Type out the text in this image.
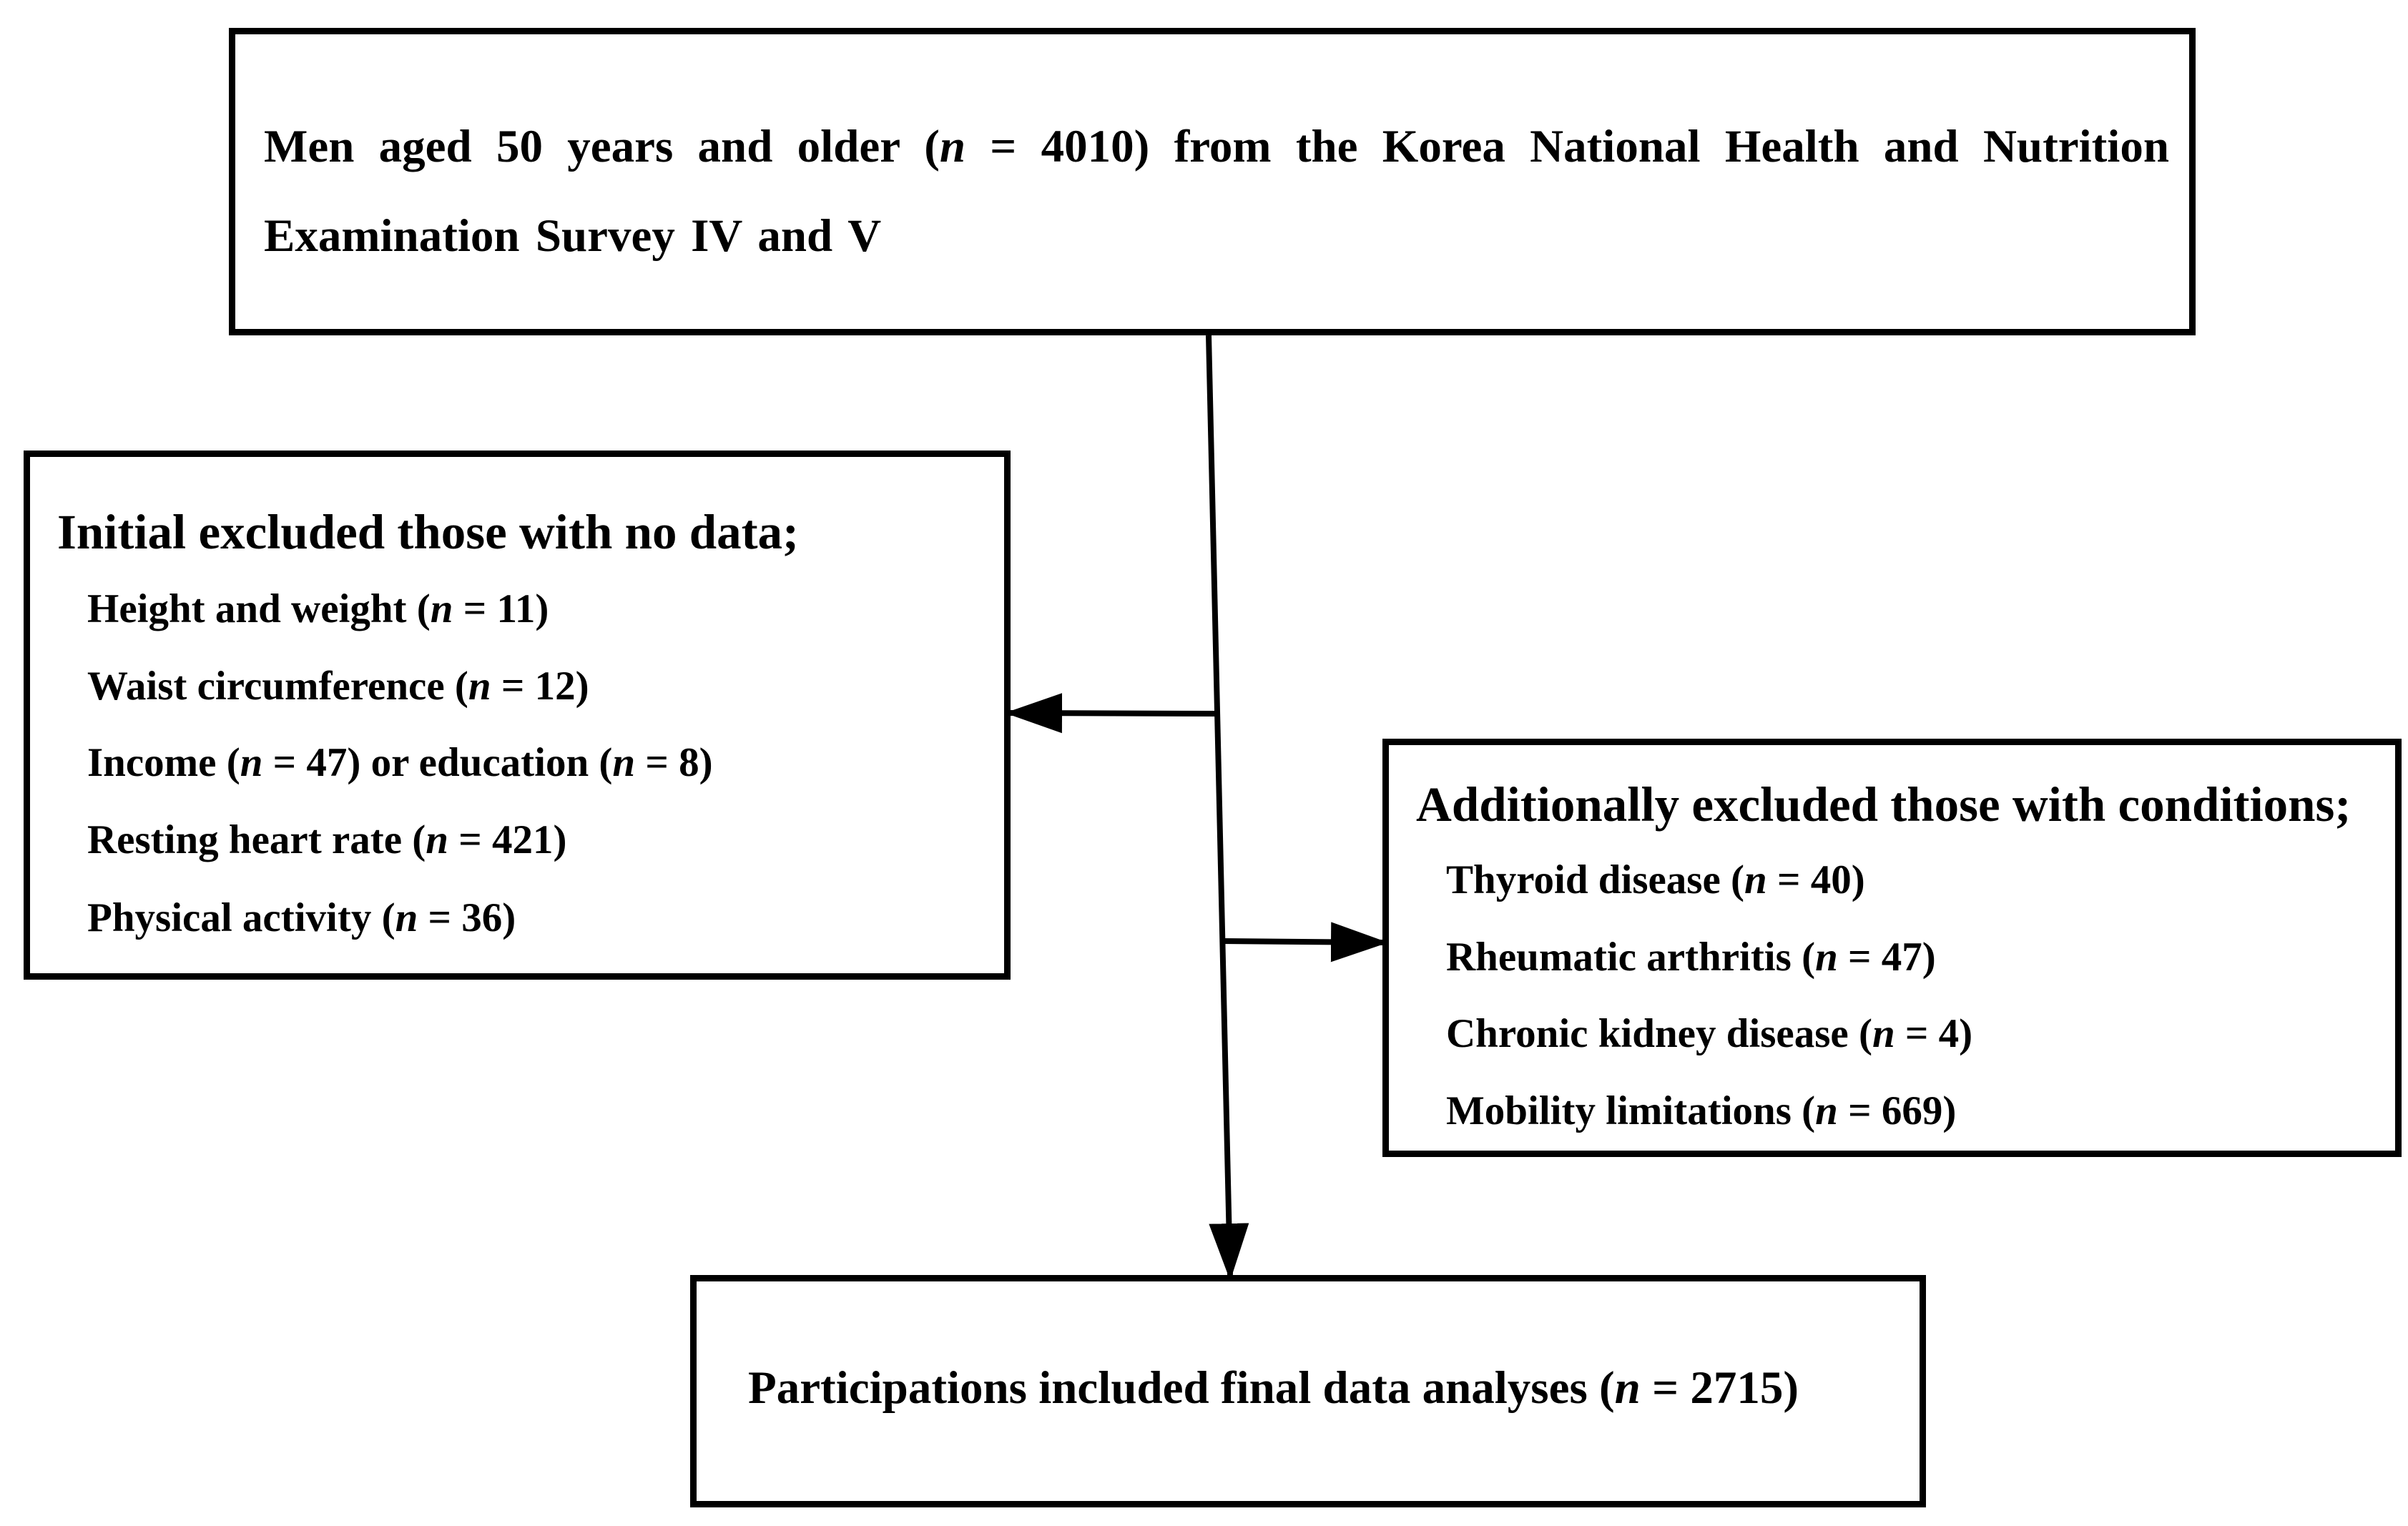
Men aged 50 years and older (n = 4010) from the Korea National Health and Nutrition

Examination Survey IV and V

Initial excluded those with no data;

Height and weight (n = 11)

Waist circumference (n = 12)

Income (n = 47) or education (n = 8)

Resting heart rate (n = 421)

Physical activity (n = 36)

Additionally excluded those with conditions;

Thyroid disease (n = 40)

Rheumatic arthritis (n = 47)

Chronic kidney disease (n = 4)

Mobility limitations (n = 669)

Participations included final data analyses (n = 2715)
